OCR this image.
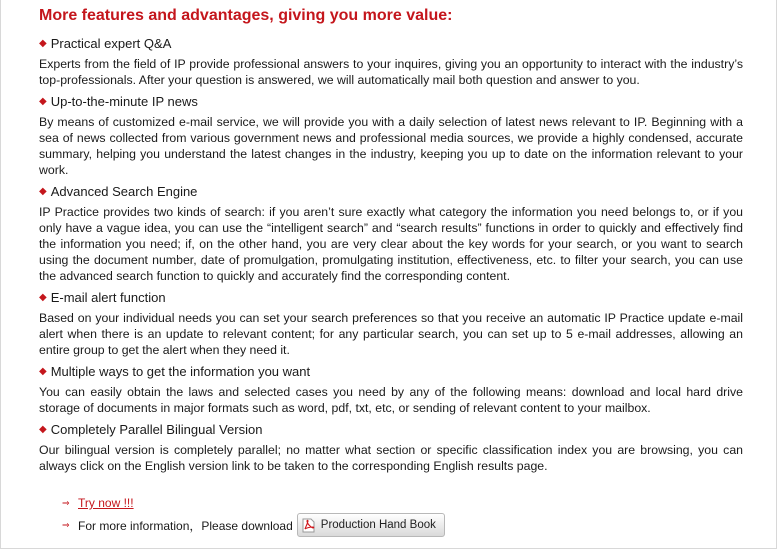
More features and advantages, giving you more value:
◆ Practical expert Q&A

Experts from the field of IP provide professional answers to your inquires, giving you an opportunity to interact with the industry’s top-professionals. After your question is answered, we will automatically mail both question and answer to you.

◆ Up-to-the-minute IP news

By means of customized e-mail service, we will provide you with a daily selection of latest news relevant to IP. Beginning with a sea of news collected from various government news and professional media sources, we provide a highly condensed, accurate summary, helping you understand the latest changes in the industry, keeping you up to date on the information relevant to your work.

◆ Advanced Search Engine

IP Practice provides two kinds of search: if you aren’t sure exactly what category the information you need belongs to, or if you only have a vague idea, you can use the “intelligent search” and “search results” functions in order to quickly and effectively find the information you need; if, on the other hand, you are very clear about the key words for your search, or you want to search using the document number, date of promulgation, promulgating institution, effectiveness, etc. to filter your search, you can use the advanced search function to quickly and accurately find the corresponding content.

◆ E-mail alert function

Based on your individual needs you can set your search preferences so that you receive an automatic IP Practice update e-mail alert when there is an update to relevant content; for any particular search, you can set up to 5 e-mail addresses, allowing an entire group to get the alert when they need it.

◆ Multiple ways to get the information you want

You can easily obtain the laws and selected cases you need by any of the following means: download and local hard drive storage of documents in major formats such as word, pdf, txt, etc, or sending of relevant content to your mailbox.

◆ Completely Parallel Bilingual Version

Our bilingual version is completely parallel; no matter what section or specific classification index you are browsing, you can always click on the English version link to be taken to the corresponding English results page.

⇒ Try now !!!
⇒ For more information，Please download Production Hand Book
